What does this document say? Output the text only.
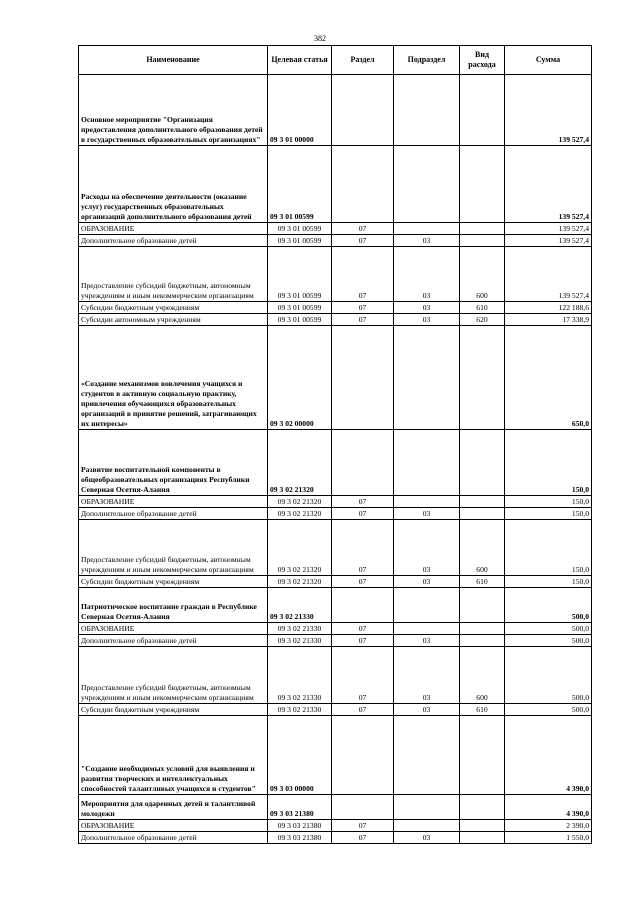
382
Наименование	Целевая статья	Раздел	Подраздел	Вид расхода	Сумма
Основное мероприятие "Организация предоставления дополнительного образования детей в государственных образовательных организациях"	09 3 01 00000				139 527,4
Расходы на обеспечение деятельности (оказание услуг) государственных образовательных организаций дополнительного образования детей	09 3 01 00599				139 527,4
ОБРАЗОВАНИЕ	09 3 01 00599	07			139 527,4
Дополнительное образование детей	09 3 01 00599	07	03		139 527,4
Предоставление субсидий бюджетным, автономным учреждениям и иным некоммерческим организациям	09 3 01 00599	07	03	600	139 527,4
Субсидии бюджетным учреждениям	09 3 01 00599	07	03	610	122 188,6
Субсидии автономным учреждениям	09 3 01 00599	07	03	620	17 338,9
«Создание механизмов вовлечения учащихся и студентов в активную социальную практику, привлечения обучающихся образовательных организаций в принятие решений, затрагивающих их интересы»	09 3 02 00000				650,0
Развитие воспитательной компоненты в общеобразовательных организациях Республики Северная Осетия-Алания	09 3 02 21320				150,0
ОБРАЗОВАНИЕ	09 3 02 21320	07			150,0
Дополнительное образование детей	09 3 02 21320	07	03		150,0
Предоставление субсидий бюджетным, автономным учреждениям и иным некоммерческим организациям	09 3 02 21320	07	03	600	150,0
Субсидии бюджетным учреждениям	09 3 02 21320	07	03	610	150,0
Патриотическое воспитание граждан в Республике Северная Осетия-Алания	09 3 02 21330				500,0
ОБРАЗОВАНИЕ	09 3 02 21330	07			500,0
Дополнительное образование детей	09 3 02 21330	07	03		500,0
Предоставление субсидий бюджетным, автономным учреждениям и иным некоммерческим организациям	09 3 02 21330	07	03	600	500,0
Субсидии бюджетным учреждениям	09 3 02 21330	07	03	610	500,0
"Создание необходимых условий для выявления и развития творческих и интеллектуальных способностей талантливых учащихся и студентов"	09 3 03 00000				4 390,0
Мероприятия для одаренных детей и талантливой молодежи	09 3 03 21380				4 390,0
ОБРАЗОВАНИЕ	09 3 03 21380	07			2 390,0
Дополнительное образование детей	09 3 03 21380	07	03		1 550,0
